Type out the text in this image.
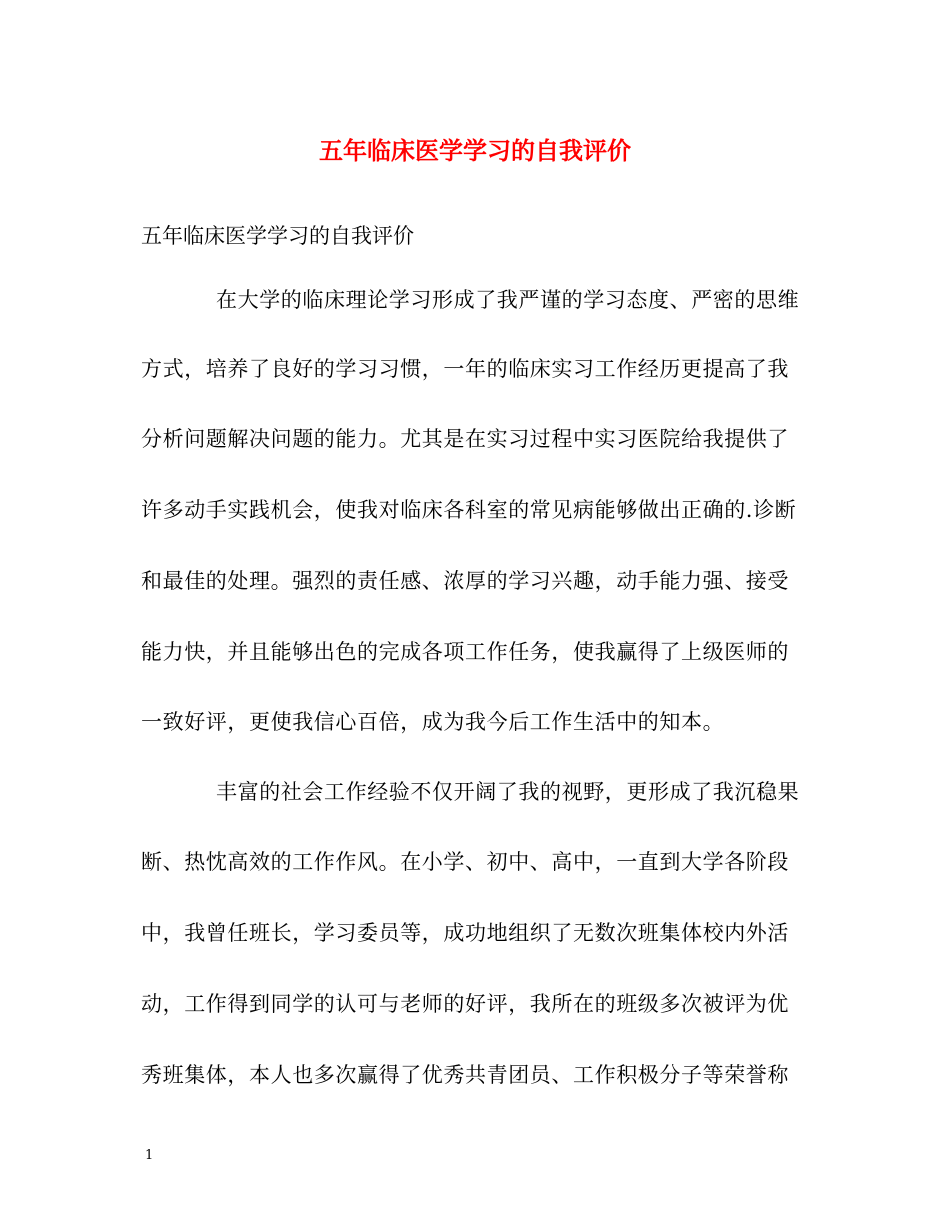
五年临床医学学习的自我评价
五年临床医学学习的自我评价
在大学的临床理论学习形成了我严谨的学习态度、严密的思维
方式，培养了良好的学习习惯，一年的临床实习工作经历更提高了我
分析问题解决问题的能力。尤其是在实习过程中实习医院给我提供了
许多动手实践机会，使我对临床各科室的常见病能够做出正确的.诊断
和最佳的处理。强烈的责任感、浓厚的学习兴趣，动手能力强、接受
能力快，并且能够出色的完成各项工作任务，使我赢得了上级医师的
一致好评，更使我信心百倍，成为我今后工作生活中的知本。
丰富的社会工作经验不仅开阔了我的视野，更形成了我沉稳果
断、热忱高效的工作作风。在小学、初中、高中，一直到大学各阶段
中，我曾任班长，学习委员等，成功地组织了无数次班集体校内外活
动，工作得到同学的认可与老师的好评，我所在的班级多次被评为优
秀班集体，本人也多次赢得了优秀共青团员、工作积极分子等荣誉称
1
